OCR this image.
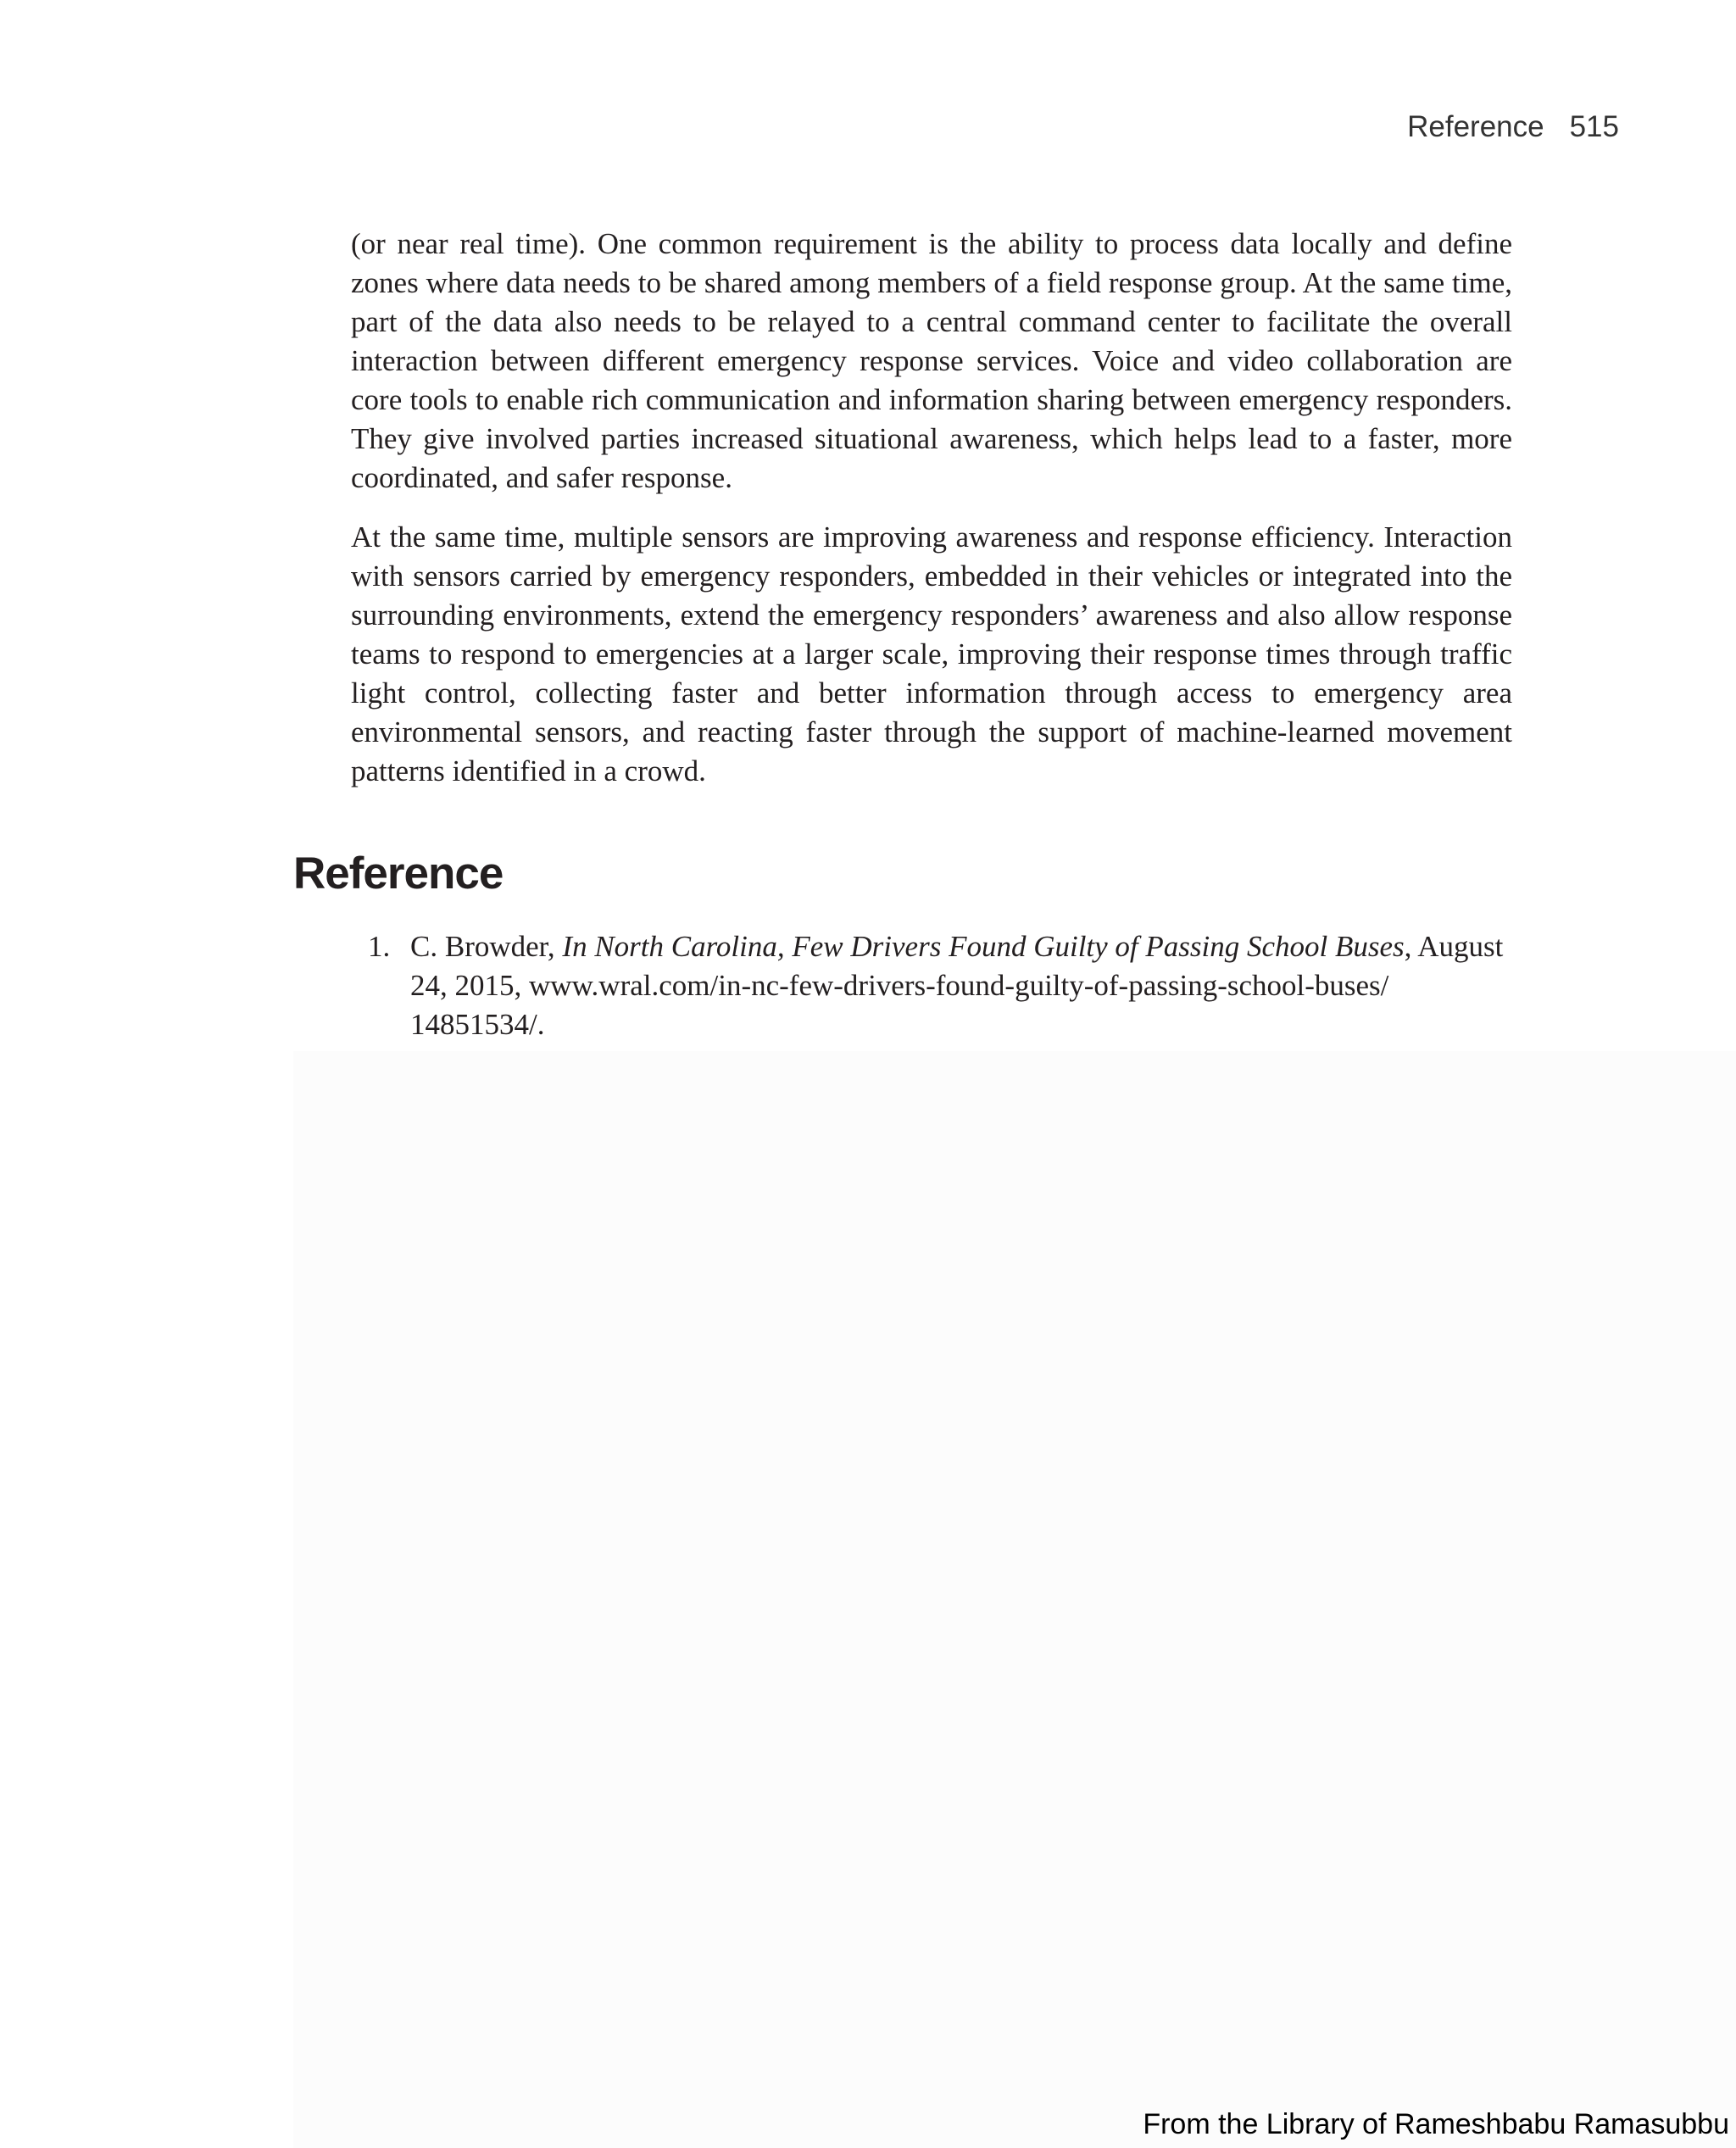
Reference 515

(or near real time). One common requirement is the ability to process data locally and define zones where data needs to be shared among members of a field response group. At the same time, part of the data also needs to be relayed to a central command center to facilitate the overall interaction between different emergency response services. Voice and video collaboration are core tools to enable rich communication and information sharing between emergency responders. They give involved parties increased situational awareness, which helps lead to a faster, more coordinated, and safer response.

At the same time, multiple sensors are improving awareness and response efficiency. Interaction with sensors carried by emergency responders, embedded in their vehicles or integrated into the surrounding environments, extend the emergency responders’ awareness and also allow response teams to respond to emergencies at a larger scale, improving their response times through traffic light control, collecting faster and better information through access to emergency area environmental sensors, and reacting faster through the support of machine-learned movement patterns identified in a crowd.

Reference
1. C. Browder, In North Carolina, Few Drivers Found Guilty of Passing School Buses, August 24, 2015, www.wral.com/in-nc-few-drivers-found-guilty-of-passing-school-buses/ 14851534/.
From the Library of Rameshbabu Ramasubbu
